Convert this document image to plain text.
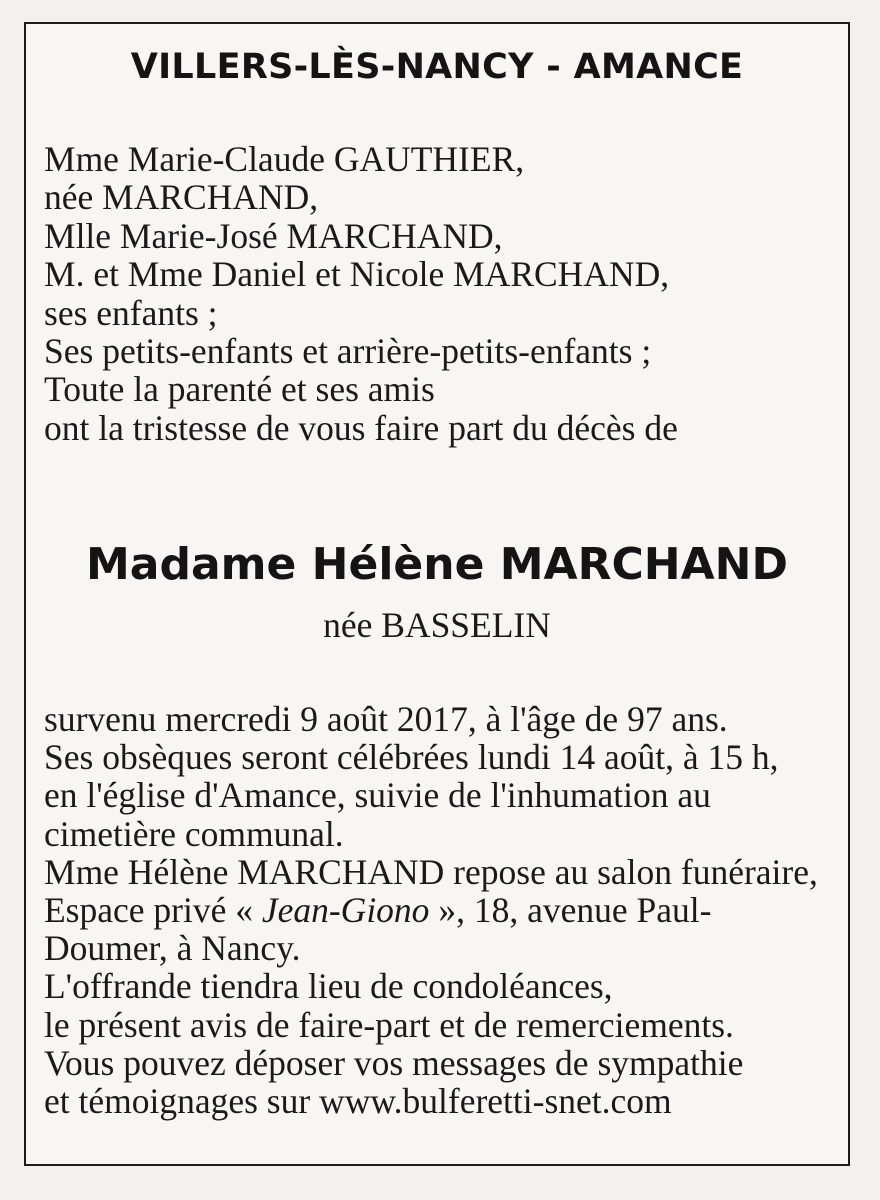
VILLERS-LÈS-NANCY - AMANCE
Mme Marie-Claude GAUTHIER,
née MARCHAND,
Mlle Marie-José MARCHAND,
M. et Mme Daniel et Nicole MARCHAND,
ses enfants ;
Ses petits-enfants et arrière-petits-enfants ;
Toute la parenté et ses amis
ont la tristesse de vous faire part du décès de
Madame Hélène MARCHAND
née BASSELIN
survenu mercredi 9 août 2017, à l'âge de 97 ans.
Ses obsèques seront célébrées lundi 14 août, à 15 h,
en l'église d'Amance, suivie de l'inhumation au
cimetière communal.
Mme Hélène MARCHAND repose au salon funéraire,
Espace privé « Jean-Giono », 18, avenue Paul-
Doumer, à Nancy.
L'offrande tiendra lieu de condoléances,
le présent avis de faire-part et de remerciements.
Vous pouvez déposer vos messages de sympathie
et témoignages sur www.bulferetti-snet.com
